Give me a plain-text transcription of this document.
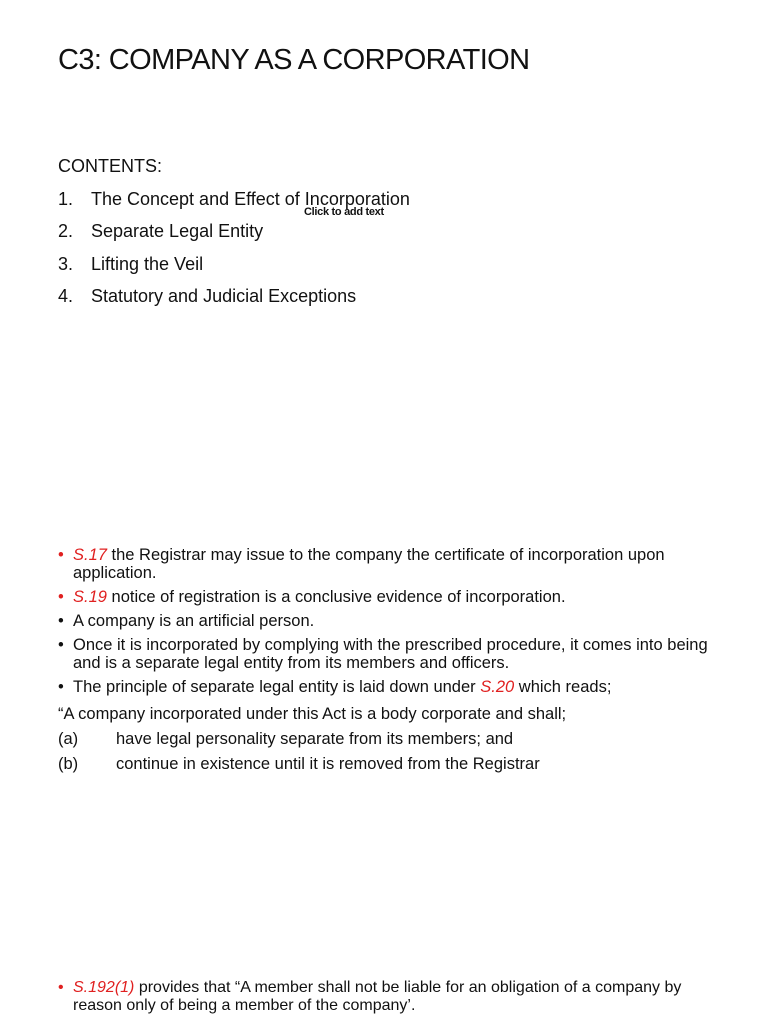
C3: COMPANY AS A CORPORATION
CONTENTS:
1. The Concept and Effect of Incorporation
2. Separate Legal Entity
3. Lifting the Veil
4. Statutory and Judicial Exceptions
Click to add text
• S.17 the Registrar may issue to the company the certificate of incorporation upon application.
• S.19 notice of registration is a conclusive evidence of incorporation.
• A company is an artificial person.
• Once it is incorporated by complying with the prescribed procedure, it comes into being and is a separate legal entity from its members and officers.
• The principle of separate legal entity is laid down under S.20 which reads;
“A company incorporated under this Act is a body corporate and shall;
(a)	have legal personality separate from its members; and
(b)	continue in existence until it is removed from the Registrar
• S.192(1) provides that “A member shall not be liable for an obligation of a company by reason only of being a member of the company’.
